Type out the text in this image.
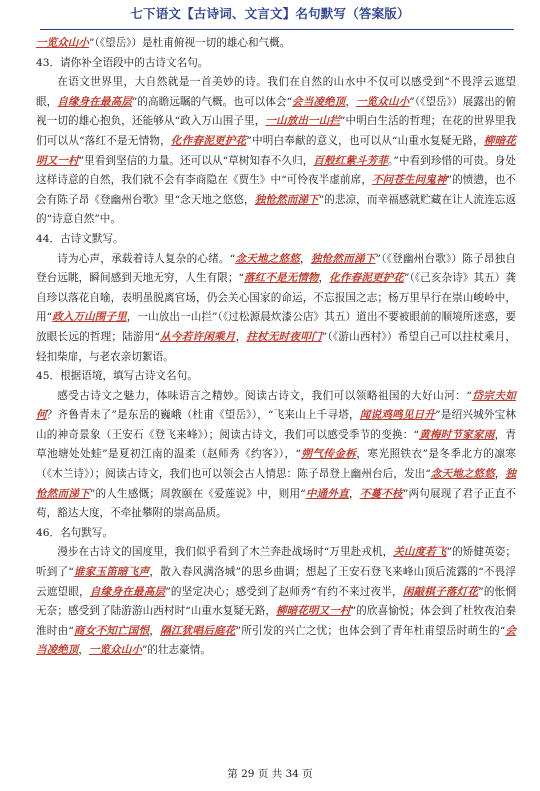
七下语文【古诗词、文言文】名句默写（答案版）

一览众山小”（《望岳》）是杜甫俯视一切的雄心和气概。

43．请你补全语段中的古诗文名句。

在语文世界里，大自然就是一首美妙的诗。我们在自然的山水中不仅可以感受到“不畏浮云遮望眼，自缘身在最高层”的高瞻远瞩的气概。也可以体会“会当凌绝顶，一览众山小”（《望岳》）展露出的俯视一切的雄心抱负，还能够从“政入万山围子里，一山放出一山拦”中明白生活的哲理；在花的世界里我们可以从“落红不是无情物，化作春泥更护花”中明白奉献的意义，也可以从“山重水复疑无路，柳暗花明又一村”里看到坚信的力量。还可以从“草树知春不久归，百般红紫斗芳菲。”中看到珍惜的可贵。身处这样诗意的自然，我们就不会有李商隐在《贾生》中“可怜夜半虚前席，不问苍生问鬼神”的愤懑，也不会有陈子昂《登幽州台歌》里“念天地之悠悠，独怆然而涕下”的悲凉，而幸福感就贮藏在让人流连忘返的“诗意自然”中。

44．古诗文默写。

诗为心声，承载着诗人复杂的心绪。“念天地之悠悠，独怆然而涕下”（《登幽州台歌》）陈子昂独自登台远眺，瞬间感到天地无穷，人生有限；“落红不是无情物，化作春泥更护花”（《己亥杂诗》其五）龚自珍以落花自喻，表明虽脱离官场，仍会关心国家的命运，不忘报国之志；杨万里早行在崇山峻岭中，用“政入万山围子里，一山放出一山拦”（《过松源晨炊漆公店》其五）道出不要被眼前的顺境所迷惑，要放眼长远的哲理；陆游用“从今若许闲乘月，拄杖无时夜叩门”（《游山西村》）希望自己可以拄杖乘月，轻扣柴扉，与老农亲切絮语。

45．根据语境，填写古诗文名句。

感受古诗文之魅力，体味语言之精妙。阅读古诗文，我们可以领略祖国的大好山河：“岱宗夫如何？齐鲁青未了”是东岳的巍峨（杜甫《望岳》），“飞来山上千寻塔，闻说鸡鸣见日升”是绍兴城外宝林山的神奇景象（王安石《登飞来峰》）；阅读古诗文，我们可以感受季节的变换：“黄梅时节家家雨，青草池塘处处蛙”是夏初江南的温柔（赵师秀《约客》），“朔气传金柝，寒光照铁衣”是冬季北方的凛寒（《木兰诗》）；阅读古诗文，我们也可以领会古人情思：陈子昂登上幽州台后，发出“念天地之悠悠，独怆然而涕下”的人生感慨；周敦颐在《爱莲说》中，则用“中通外直，不蔓不枝”两句展现了君子正直不苟，豁达大度，不牵扯攀附的崇高品质。

46．名句默写。

漫步在古诗文的国度里，我们似乎看到了木兰奔赴战场时“万里赴戎机，关山度若飞”的矫健英姿；听到了“谁家玉笛暗飞声，散入春风满洛城”的思乡曲调；想起了王安石登飞来峰山顶后流露的“不畏浮云遮望眼，自缘身在最高层”的坚定决心；感受到了赵师秀“有约不来过夜半，闲敲棋子落灯花”的怅惘无奈；感受到了陆游游山西村时“山重水复疑无路，柳暗花明又一村”的欣喜愉悦；体会到了杜牧夜泊秦淮时由“商女不知亡国恨，隔江犹唱后庭花”所引发的兴亡之忧；也体会到了青年杜甫望岳时萌生的“会当凌绝顶，一览众山小”的壮志豪情。

第 29 页 共 34 页
